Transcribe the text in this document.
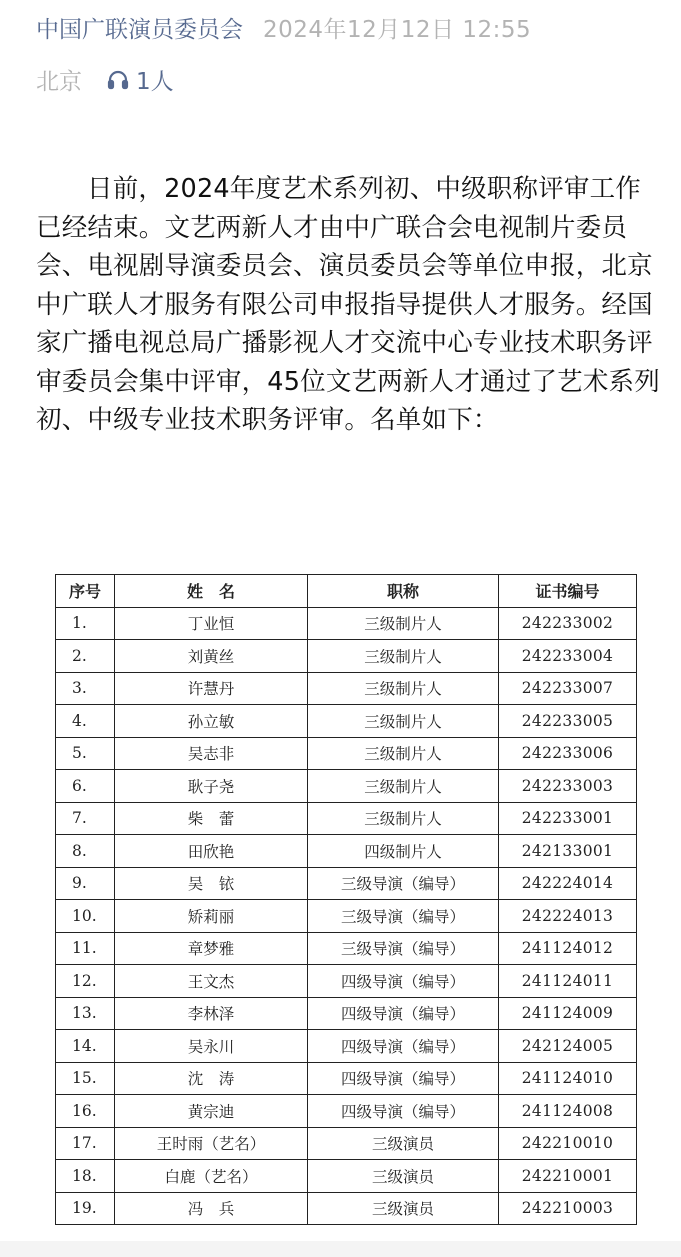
中国广联演员委员会 2024年12月12日 12:55
北京 1人

日前，2024年度艺术系列初、中级职称评审工作已经结束。文艺两新人才由中广联合会电视制片委员会、电视剧导演委员会、演员委员会等单位申报，北京中广联人才服务有限公司申报指导提供人才服务。经国家广播电视总局广播影视人才交流中心专业技术职务评审委员会集中评审，45位文艺两新人才通过了艺术系列初、中级专业技术职务评审。名单如下：

序号	姓　名	职称	证书编号
1.	丁业恒	三级制片人	242233002
2.	刘黄丝	三级制片人	242233004
3.	许慧丹	三级制片人	242233007
4.	孙立敏	三级制片人	242233005
5.	吴志非	三级制片人	242233006
6.	耿子尧	三级制片人	242233003
7.	柴　蕾	三级制片人	242233001
8.	田欣艳	四级制片人	242133001
9.	吴　铱	三级导演（编导）	242224014
10.	矫莉丽	三级导演（编导）	242224013
11.	章梦雅	三级导演（编导）	241124012
12.	王文杰	四级导演（编导）	241124011
13.	李林泽	四级导演（编导）	241124009
14.	吴永川	四级导演（编导）	242124005
15.	沈　涛	四级导演（编导）	241124010
16.	黄宗迪	四级导演（编导）	241124008
17.	王时雨（艺名）	三级演员	242210010
18.	白鹿（艺名）	三级演员	242210001
19.	冯　兵	三级演员	242210003
